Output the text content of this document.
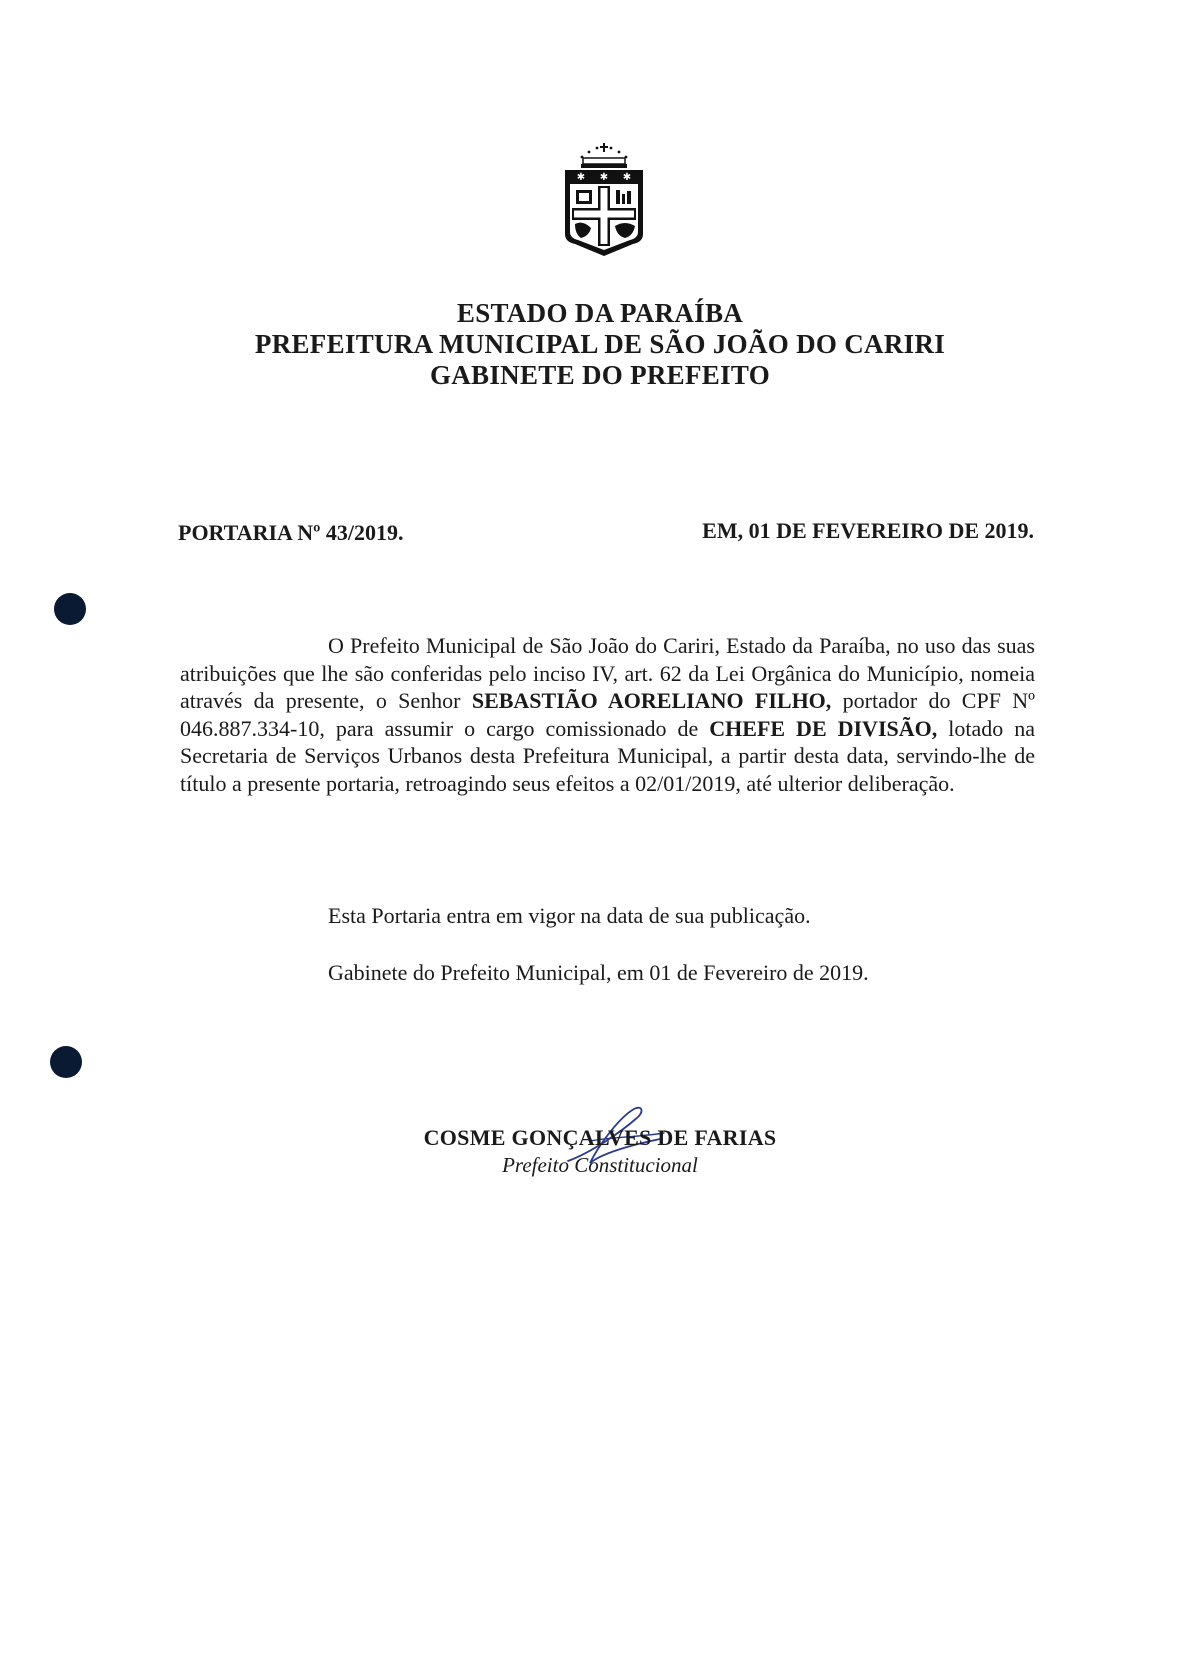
✱ ✱ ✱
ESTADO DA PARAÍBA
PREFEITURA MUNICIPAL DE SÃO JOÃO DO CARIRI
GABINETE DO PREFEITO
PORTARIA Nº 43/2019.	EM, 01 DE FEVEREIRO DE 2019.
O Prefeito Municipal de São João do Cariri, Estado da Paraíba, no uso das suas atribuições que lhe são conferidas pelo inciso IV, art. 62 da Lei Orgânica do Município, nomeia através da presente, o Senhor SEBASTIÃO AORELIANO FILHO, portador do CPF Nº 046.887.334-10, para assumir o cargo comissionado de CHEFE DE DIVISÃO, lotado na Secretaria de Serviços Urbanos desta Prefeitura Municipal, a partir desta data, servindo-lhe de título a presente portaria, retroagindo seus efeitos a 02/01/2019, até ulterior deliberação.
Esta Portaria entra em vigor na data de sua publicação.
Gabinete do Prefeito Municipal, em 01 de Fevereiro de 2019.
COSME GONÇALVES DE FARIAS
Prefeito Constitucional
